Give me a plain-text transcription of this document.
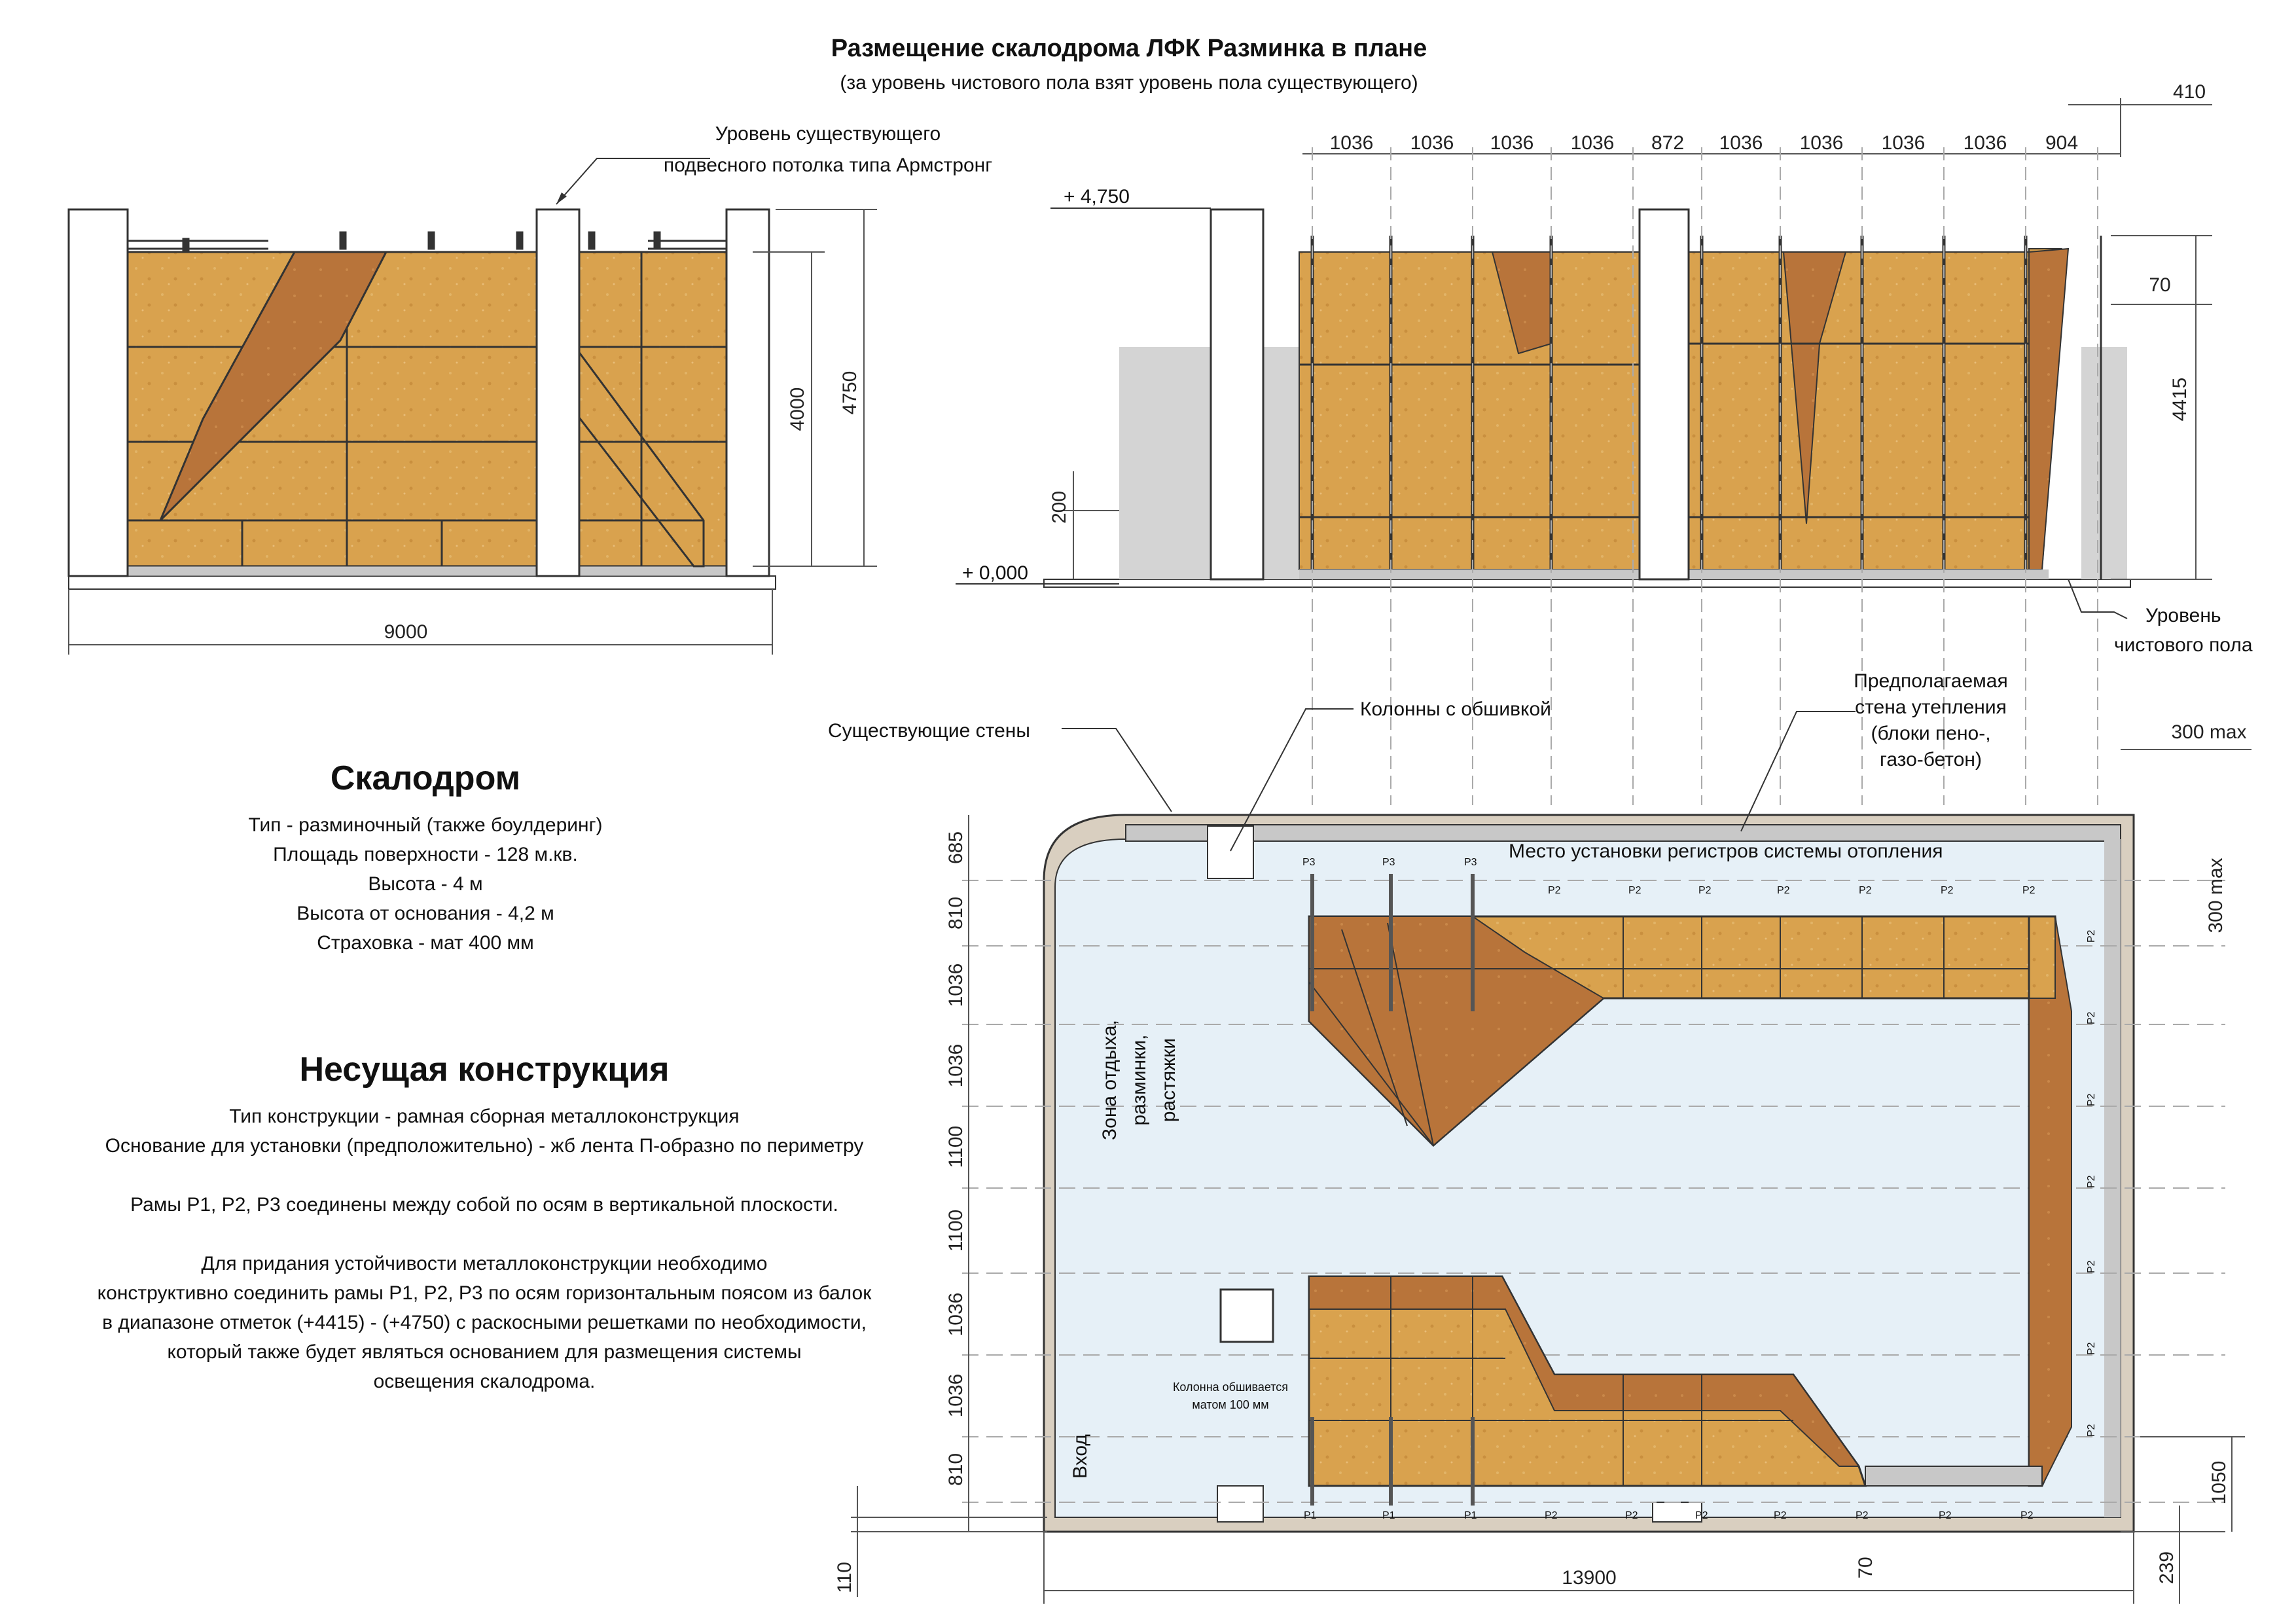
Размещение скалодрома ЛФК Разминка в плане
(за уровень чистового пола взят уровень пола существующего)
Уровень существующего
подвесного потолка типа Армстронг
4000 4750
9000
+ 4,750
+ 0,000
1036 1036 1036 1036 872 1036 1036 1036 1036 904
410
70
4415
200
Уровень
чистового пола
P3	P3	P3
P2	P2	P2	P2	P2	P2	P2
P2
P2
P2
P2
P2
P2
P2
P1	P1	P1	P2	P2	P2	P2	P2	P2	P2
Существующие стены
Колонны с обшивкой
Предполагаемая
стена утепления
(блоки пено-,
газо-бетон)
300 max
300 max
Место установки регистров системы отопления
Зона отдыха, разминки, растяжки
Вход
Колонна обшивается
матом 100 мм
685
810
1036
1036
1100
1100
1036
1036
810
110	13900	70	239
1050
Скалодром
Тип - разминочный (также боулдеринг)
Площадь поверхности - 128 м.кв.
Высота - 4 м
Высота от основания - 4,2 м
Страховка - мат 400 мм
Несущая конструкция
Тип конструкции - рамная сборная металлоконструкция
Основание для установки (предположительно) - жб лента П-образно по периметру
Рамы Р1, Р2, Р3 соединены между собой по осям в вертикальной плоскости.
Для придания устойчивости металлоконструкции необходимо
конструктивно соединить рамы Р1, Р2, Р3 по осям горизонтальным поясом из балок
в диапазоне отметок (+4415) - (+4750) с раскосными решетками по необходимости,
который также будет являться основанием для размещения системы
освещения скалодрома.
